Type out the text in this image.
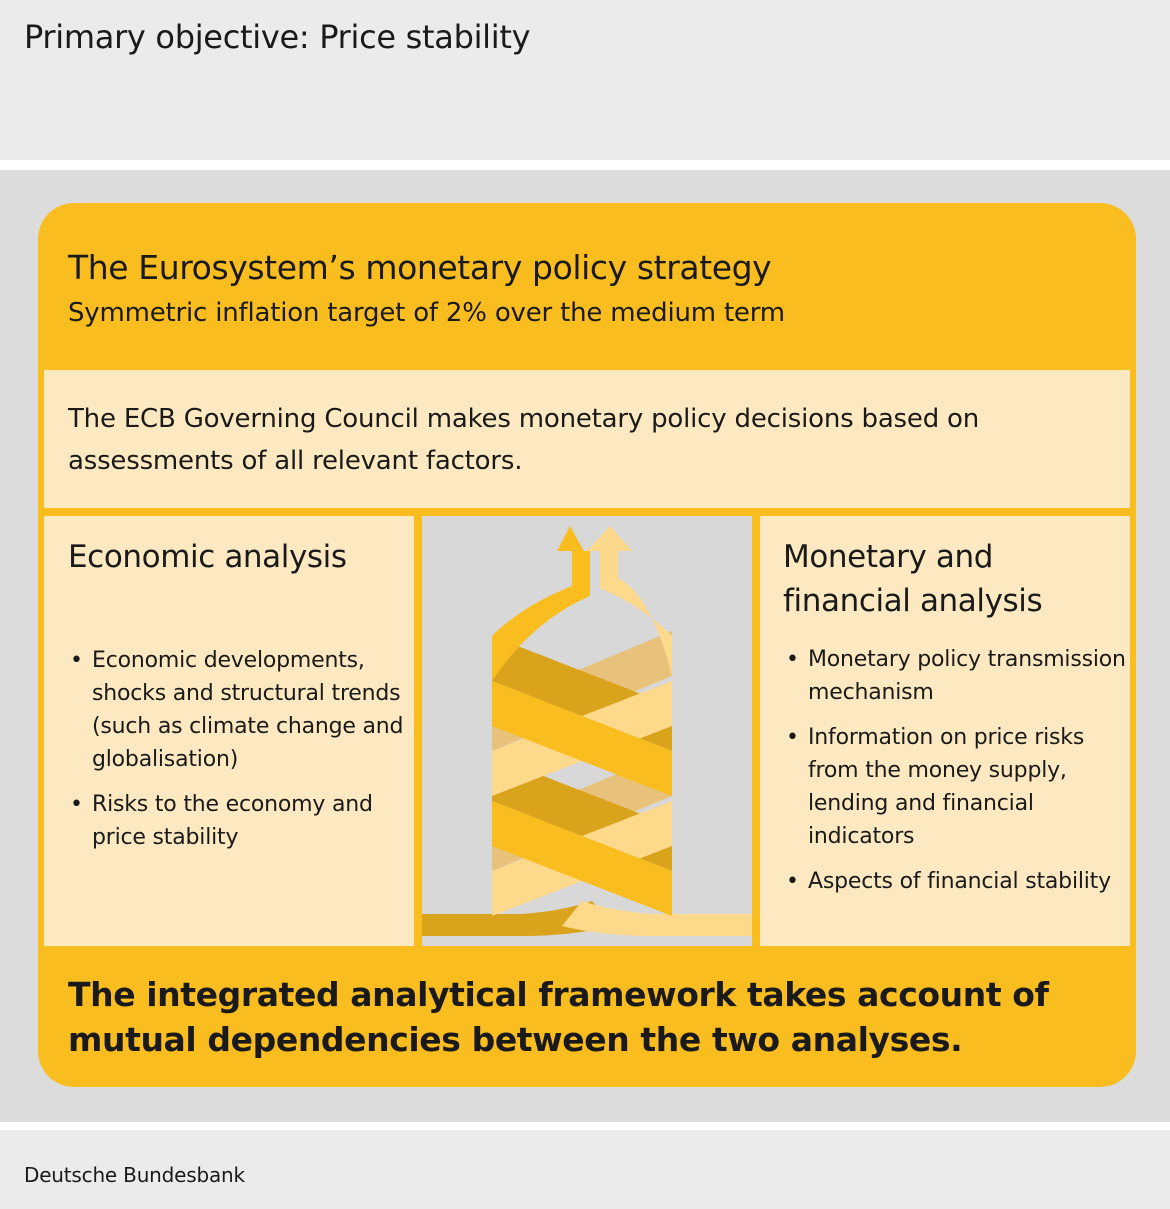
Primary objective: Price stability
The Eurosystem’s monetary policy strategy
Symmetric inflation target of 2% over the medium term
The ECB Governing Council makes monetary policy decisions based on assessments of all relevant factors.
Economic analysis
• Economic developments, shocks and structural trends (such as climate change and globalisation)
• Risks to the economy and price stability
Monetary and financial analysis
• Monetary policy transmission mechanism
• Information on price risks from the money supply, lending and financial indicators
• Aspects of financial stability
The integrated analytical framework takes account of mutual dependencies between the two analyses.
Deutsche Bundesbank
